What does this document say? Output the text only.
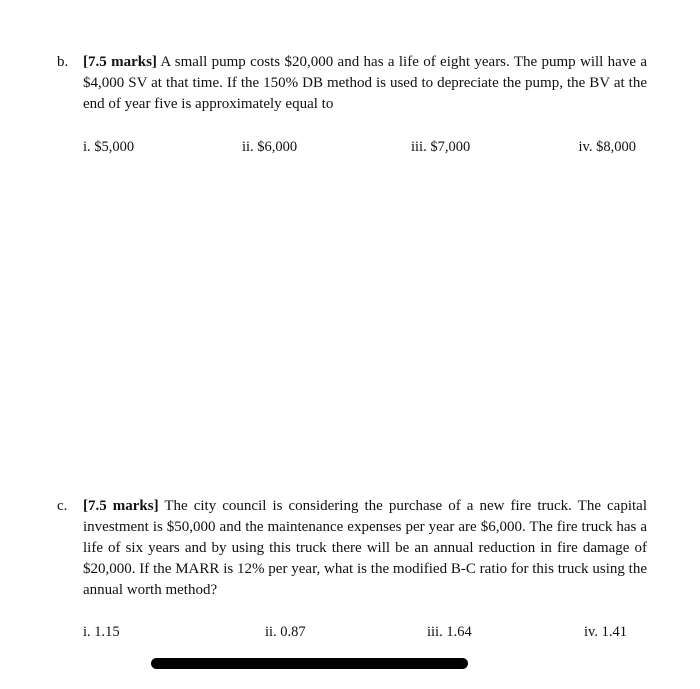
b. [7.5 marks] A small pump costs $20,000 and has a life of eight years. The pump will have a $4,000 SV at that time. If the 150% DB method is used to depreciate the pump, the BV at the end of year five is approximately equal to

i. $5,000	ii. $6,000	iii. $7,000	iv. $8,000
c.	[7.5 marks] The city council is considering the purchase of a new fire truck. The capital investment is $50,000 and the maintenance expenses per year are $6,000. The fire truck has a life of six years and by using this truck there will be an annual reduction in fire damage of $20,000. If the MARR is 12% per year, what is the modified B-C ratio for this truck using the annual worth method?

i. 1.15	ii. 0.87	iii. 1.64	iv. 1.41
